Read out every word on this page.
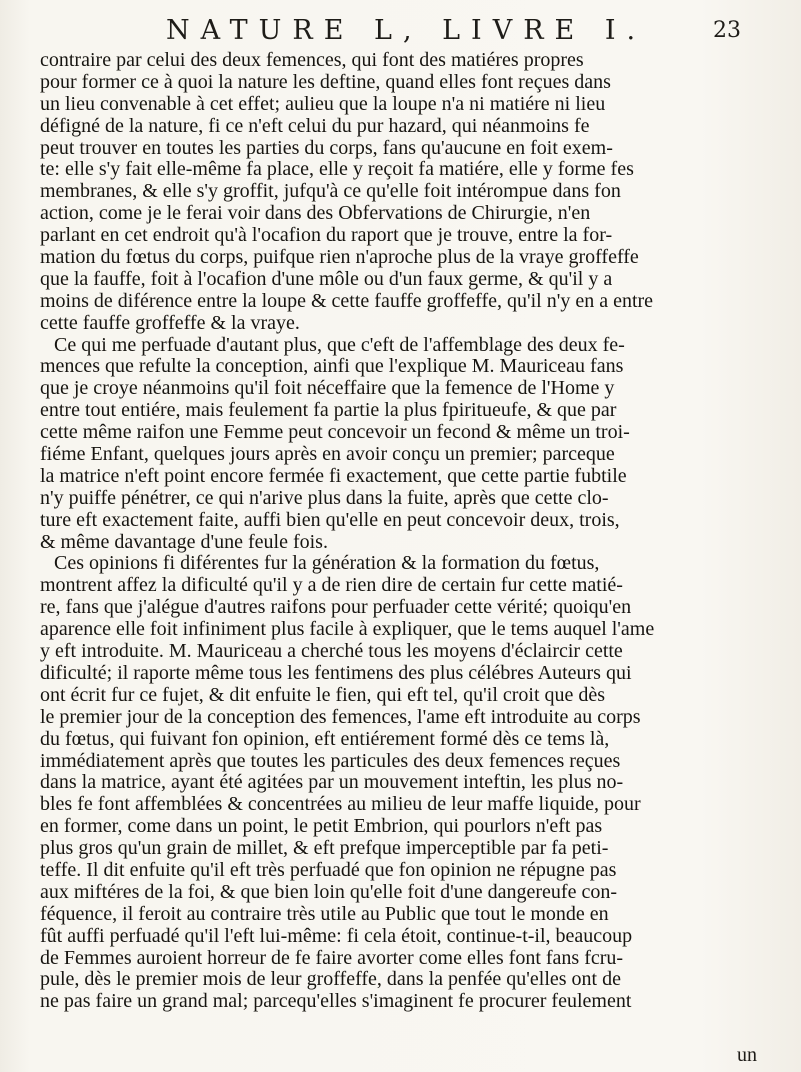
NATURE L, LIVRE I.	23
contraire par celui des deux femences, qui font des matiéres propres
pour former ce à quoi la nature les deftine, quand elles font reçues dans
un lieu convenable à cet effet; aulieu que la loupe n'a ni matiére ni lieu
défigné de la nature, fi ce n'eft celui du pur hazard, qui néanmoins fe
peut trouver en toutes les parties du corps, fans qu'aucune en foit exem-
te: elle s'y fait elle-même fa place, elle y reçoit fa matiére, elle y forme fes
membranes, & elle s'y groffit, jufqu'à ce qu'elle foit intérompue dans fon
action, come je le ferai voir dans des Obfervations de Chirurgie, n'en
parlant en cet endroit qu'à l'ocafion du raport que je trouve, entre la for-
mation du fœtus du corps, puifque rien n'aproche plus de la vraye groffeffe
que la fauffe, foit à l'ocafion d'une môle ou d'un faux germe, & qu'il y a
moins de diférence entre la loupe & cette fauffe groffeffe, qu'il n'y en a entre
cette fauffe groffeffe & la vraye.
Ce qui me perfuade d'autant plus, que c'eft de l'affemblage des deux fe-
mences que refulte la conception, ainfi que l'explique M. Mauriceau fans
que je croye néanmoins qu'il foit néceffaire que la femence de l'Home y
entre tout entiére, mais feulement fa partie la plus fpiritueufe, & que par
cette même raifon une Femme peut concevoir un fecond & même un troi-
fiéme Enfant, quelques jours après en avoir conçu un premier; parceque
la matrice n'eft point encore fermée fi exactement, que cette partie fubtile
n'y puiffe pénétrer, ce qui n'arive plus dans la fuite, après que cette clo-
ture eft exactement faite, auffi bien qu'elle en peut concevoir deux, trois,
& même davantage d'une feule fois.
Ces opinions fi diférentes fur la génération & la formation du fœtus,
montrent affez la dificulté qu'il y a de rien dire de certain fur cette matié-
re, fans que j'alégue d'autres raifons pour perfuader cette vérité; quoiqu'en
aparence elle foit infiniment plus facile à expliquer, que le tems auquel l'ame
y eft introduite. M. Mauriceau a cherché tous les moyens d'éclaircir cette
dificulté; il raporte même tous les fentimens des plus célébres Auteurs qui
ont écrit fur ce fujet, & dit enfuite le fien, qui eft tel, qu'il croit que dès
le premier jour de la conception des femences, l'ame eft introduite au corps
du fœtus, qui fuivant fon opinion, eft entiérement formé dès ce tems là,
immédiatement après que toutes les particules des deux femences reçues
dans la matrice, ayant été agitées par un mouvement inteftin, les plus no-
bles fe font affemblées & concentrées au milieu de leur maffe liquide, pour
en former, come dans un point, le petit Embrion, qui pourlors n'eft pas
plus gros qu'un grain de millet, & eft prefque imperceptible par fa peti-
teffe. Il dit enfuite qu'il eft très perfuadé que fon opinion ne répugne pas
aux miftéres de la foi, & que bien loin qu'elle foit d'une dangereufe con-
féquence, il feroit au contraire très utile au Public que tout le monde en
fût auffi perfuadé qu'il l'eft lui-même: fi cela étoit, continue-t-il, beaucoup
de Femmes auroient horreur de fe faire avorter come elles font fans fcru-
pule, dès le premier mois de leur groffeffe, dans la penfée qu'elles ont de
ne pas faire un grand mal; parcequ'elles s'imaginent fe procurer feulement
un
